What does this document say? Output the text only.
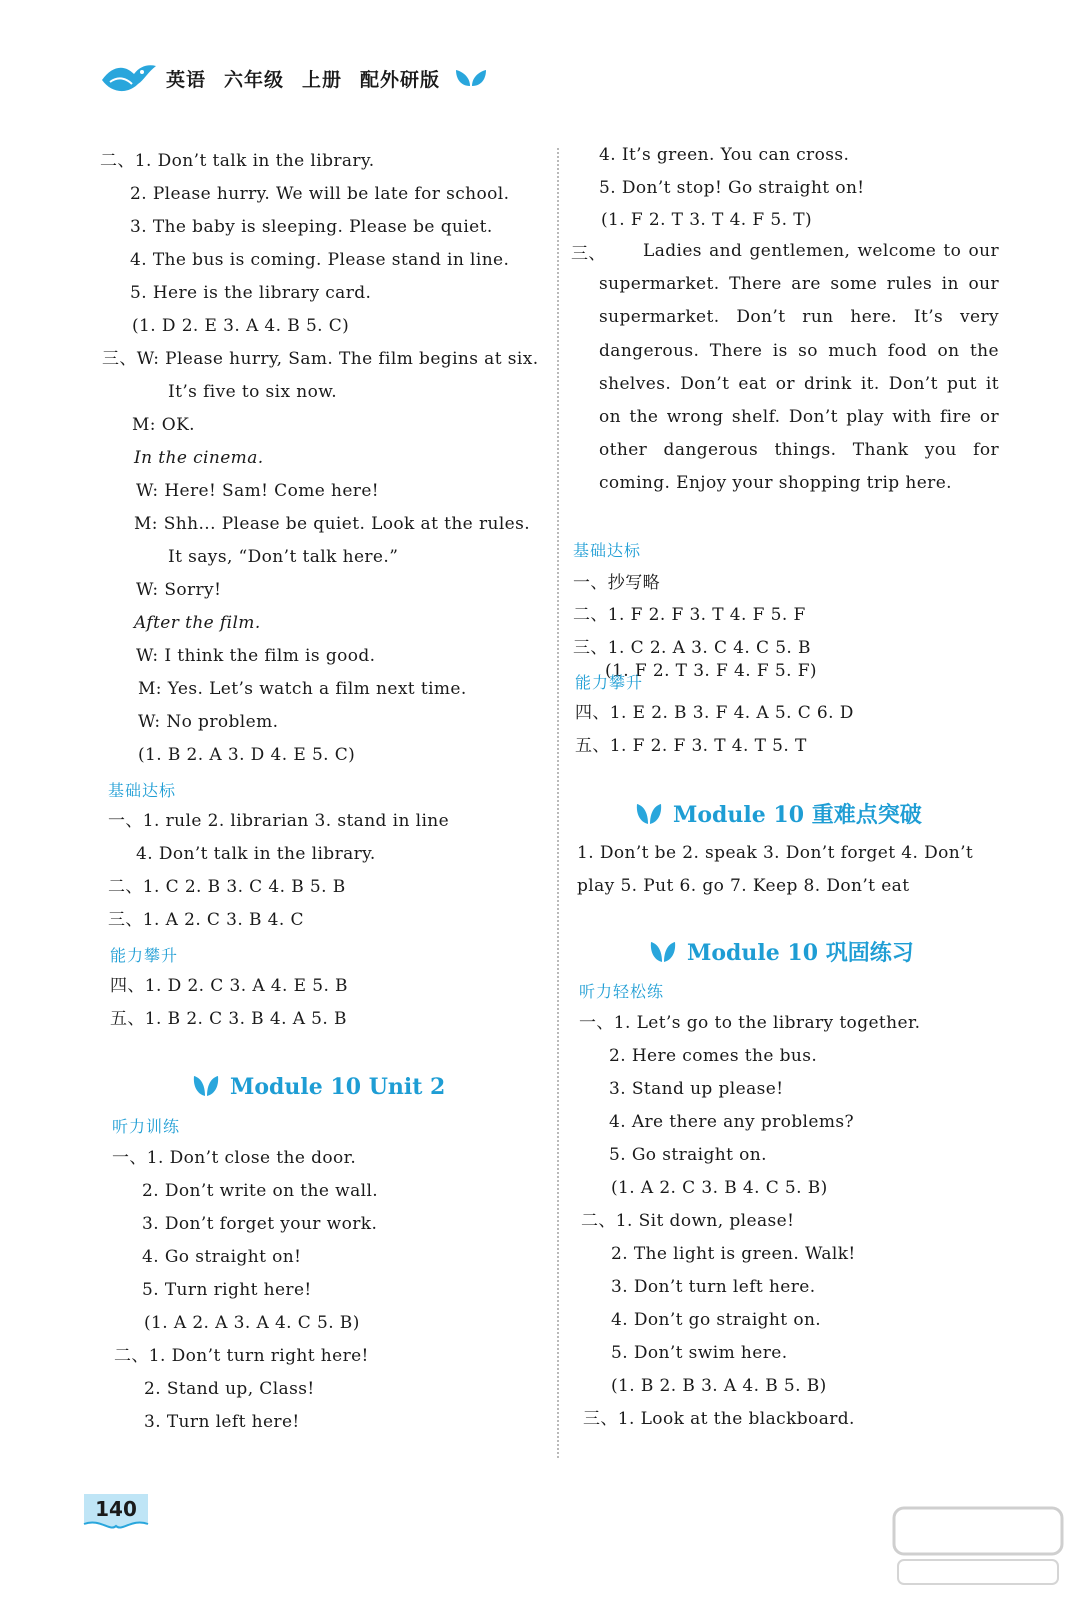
英语 六年级 上册 配外研版
二、1. Don’t talk in the library.
2. Please hurry. We will be late for school.
3. The baby is sleeping. Please be quiet.
4. The bus is coming. Please stand in line.
5. Here is the library card.
(1. D 2. E 3. A 4. B 5. C)
三、W: Please hurry, Sam. The film begins at six.
It’s five to six now.
M: OK.
In the cinema.
W: Here! Sam! Come here!
M: Shh... Please be quiet. Look at the rules.
It says, “Don’t talk here.”
W: Sorry!
After the film.
W: I think the film is good.
M: Yes. Let’s watch a film next time.
W: No problem.
(1. B 2. A 3. D 4. E 5. C)
基础达标
一、1. rule 2. librarian 3. stand in line
4. Don’t talk in the library.
二、1. C 2. B 3. C 4. B 5. B
三、1. A 2. C 3. B 4. C
能力攀升
四、1. D 2. C 3. A 4. E 5. B
五、1. B 2. C 3. B 4. A 5. B
Module 10 Unit 2
听力训练
一、1. Don’t close the door.
2. Don’t write on the wall.
3. Don’t forget your work.
4. Go straight on!
5. Turn right here!
(1. A 2. A 3. A 4. C 5. B)
二、1. Don’t turn right here!
2. Stand up, Class!
3. Turn left here!
Ladies and gentlemen, welcome to our supermarket. There are some rules in our supermarket. Don’t run here. It’s very dangerous. There is so much food on the shelves. Don’t eat or drink it. Don’t put it on the wrong shelf. Don’t play with fire or other dangerous things. Thank you for coming. Enjoy your shopping trip here.
4. It’s green. You can cross.
5. Don’t stop! Go straight on!
(1. F 2. T 3. T 4. F 5. T)
三、
(1. F 2. T 3. F 4. F 5. F)
基础达标
一、抄写略
二、1. F 2. F 3. T 4. F 5. F
三、1. C 2. A 3. C 4. C 5. B
能力攀升
四、1. E 2. B 3. F 4. A 5. C 6. D
五、1. F 2. F 3. T 4. T 5. T
Module 10 重难点突破
1. Don’t be 2. speak 3. Don’t forget 4. Don’t
play 5. Put 6. go 7. Keep 8. Don’t eat
Module 10 巩固练习
听力轻松练
一、1. Let’s go to the library together.
2. Here comes the bus.
3. Stand up please!
4. Are there any problems?
5. Go straight on.
(1. A 2. C 3. B 4. C 5. B)
二、1. Sit down, please!
2. The light is green. Walk!
3. Don’t turn left here.
4. Don’t go straight on.
5. Don’t swim here.
(1. B 2. B 3. A 4. B 5. B)
三、1. Look at the blackboard.
140
